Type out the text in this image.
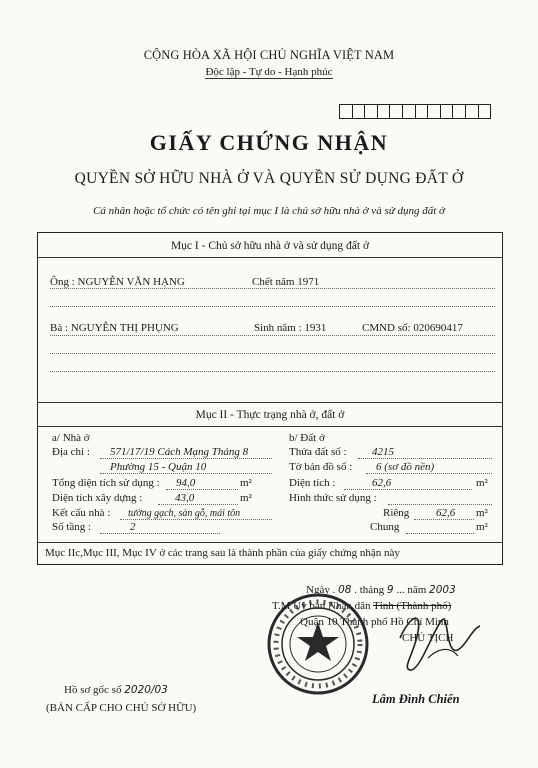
CỘNG HÒA XÃ HỘI CHỦ NGHĨA VIỆT NAM
Độc lập - Tự do - Hạnh phúc
GIẤY CHỨNG NHẬN
QUYỀN SỞ HỮU NHÀ Ở VÀ QUYỀN SỬ DỤNG ĐẤT Ở
Cá nhân hoặc tổ chức có tên ghi tại mục I là chủ sở hữu nhà ở và sử dụng đất ở
Mục I - Chủ sở hữu nhà ở và sử dụng đất ở
Ông : NGUYỄN VĂN HẠNG	Chết năm 1971
Bà : NGUYỄN THỊ PHỤNG	Sinh năm : 1931	CMND số: 020690417
Mục II - Thực trạng nhà ở, đất ở
a/ Nhà ở
Địa chỉ : 571/17/19 Cách Mạng Tháng 8
Phường 15 - Quận 10
Tổng diện tích sử dụng : 94,0	m²
Diện tích xây dựng :	43,0	m²
Kết cấu nhà : tường gạch, sàn gỗ, mái tôn
Số tầng :	2
b/ Đất ở
Thửa đất số : 4215
Tờ bản đồ số : 6 (sơ đồ nền)
Diện tích :	62,6	m²
Hình thức sử dụng :
Riêng 62,6 m²
Chung	m²
Mục IIc,Mục III, Mục IV ở các trang sau là thành phần của giấy chứng nhận này
Ngày . 08 . tháng 9 ... năm 2003
T.M Uỷ ban Nhân dân Tỉnh (Thành phố)
Quận 10 Thành phố Hồ Chí Minh
CHỦ TỊCH
Lâm Đình Chiến
Hồ sơ gốc số 2020/03
(BẢN CẤP CHO CHỦ SỞ HỮU)
